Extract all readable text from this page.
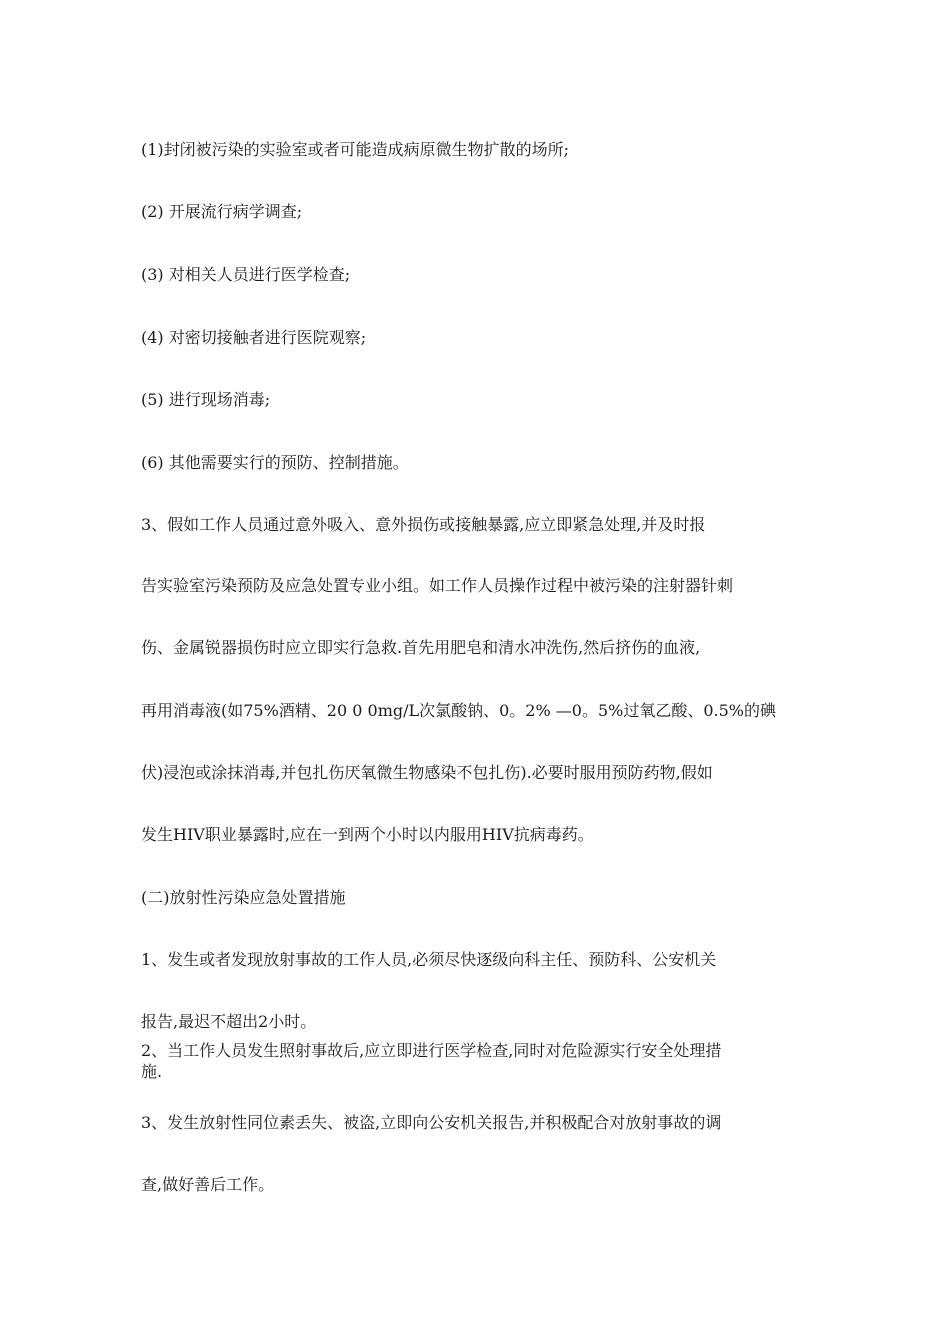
(1)封闭被污染的实验室或者可能造成病原微生物扩散的场所;
(2) 开展流行病学调查;
(3) 对相关人员进行医学检查;
(4) 对密切接触者进行医院观察;
(5) 进行现场消毒;
(6) 其他需要实行的预防、控制措施。
3、假如工作人员通过意外吸入、意外损伤或接触暴露,应立即紧急处理,并及时报
告实验室污染预防及应急处置专业小组。如工作人员操作过程中被污染的注射器针刺
伤、金属锐器损伤时应立即实行急救.首先用肥皂和清水冲洗伤,然后挤伤的血液,
再用消毒液(如75%酒精、20 0 0mg/L次氯酸钠、0。2% —0。5%过氧乙酸、0.5%的碘
伏)浸泡或涂抹消毒,并包扎伤厌氧微生物感染不包扎伤).必要时服用预防药物,假如
发生HIV职业暴露时,应在一到两个小时以内服用HIV抗病毒药。
(二)放射性污染应急处置措施
1、发生或者发现放射事故的工作人员,必须尽快逐级向科主任、预防科、公安机关
报告,最迟不超出2小时。
2、当工作人员发生照射事故后,应立即进行医学检查,同时对危险源实行安全处理措
施.
3、发生放射性同位素丢失、被盗,立即向公安机关报告,并积极配合对放射事故的调
查,做好善后工作。
